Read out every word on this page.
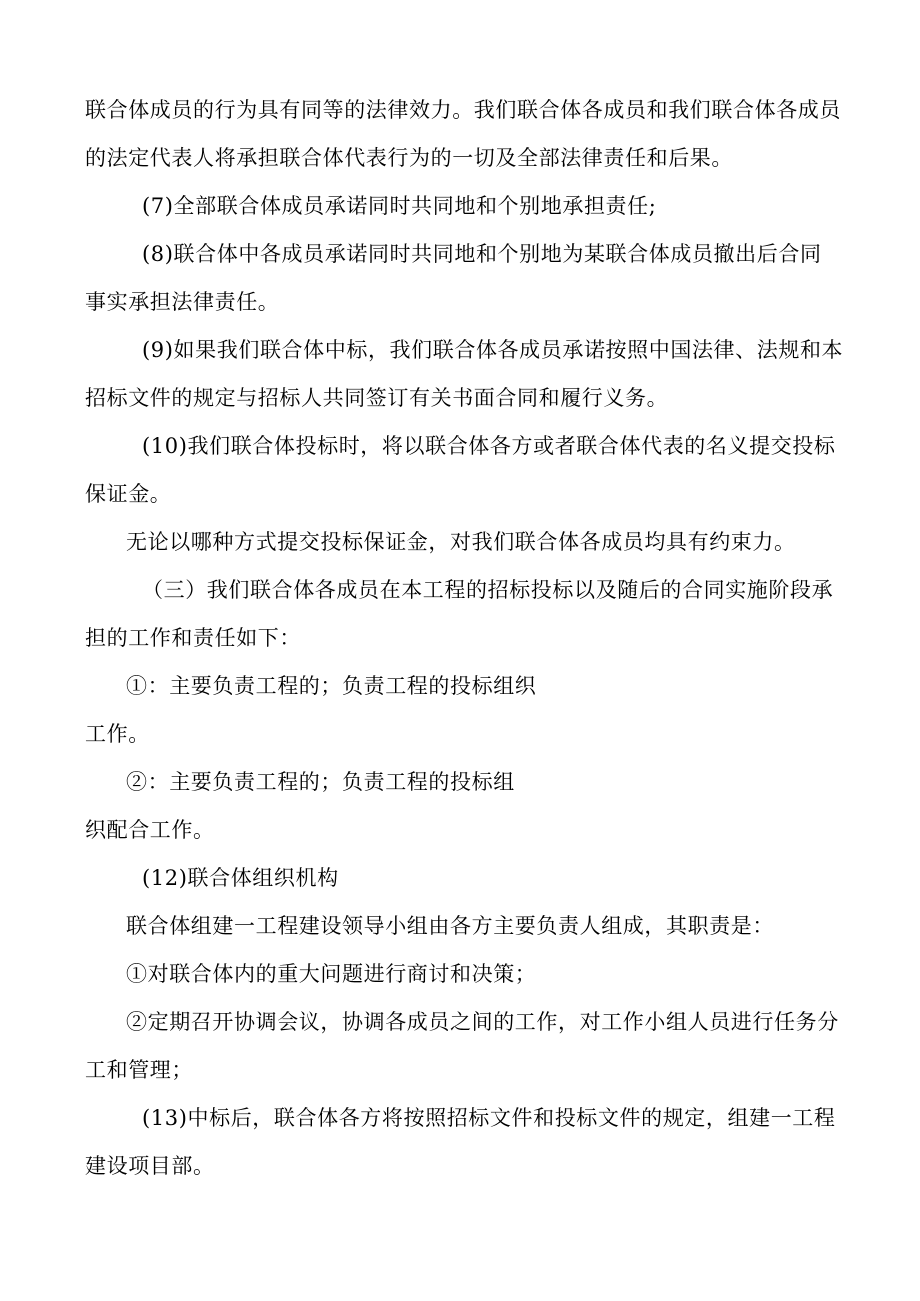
联合体成员的行为具有同等的法律效力。我们联合体各成员和我们联合体各成员
的法定代表人将承担联合体代表行为的一切及全部法律责任和后果。
(7)全部联合体成员承诺同时共同地和个别地承担责任;
(8)联合体中各成员承诺同时共同地和个别地为某联合体成员撤出后合同
事实承担法律责任。
(9)如果我们联合体中标，我们联合体各成员承诺按照中国法律、法规和本
招标文件的规定与招标人共同签订有关书面合同和履行义务。
(10)我们联合体投标时，将以联合体各方或者联合体代表的名义提交投标
保证金。
无论以哪种方式提交投标保证金，对我们联合体各成员均具有约束力。
（三）我们联合体各成员在本工程的招标投标以及随后的合同实施阶段承
担的工作和责任如下：
①：主要负责工程的；负责工程的投标组织
工作。
②：主要负责工程的；负责工程的投标组
织配合工作。
(12)联合体组织机构
联合体组建一工程建设领导小组由各方主要负责人组成，其职责是：
①对联合体内的重大问题进行商讨和决策；
②定期召开协调会议，协调各成员之间的工作，对工作小组人员进行任务分
工和管理；
(13)中标后，联合体各方将按照招标文件和投标文件的规定，组建一工程
建设项目部。
